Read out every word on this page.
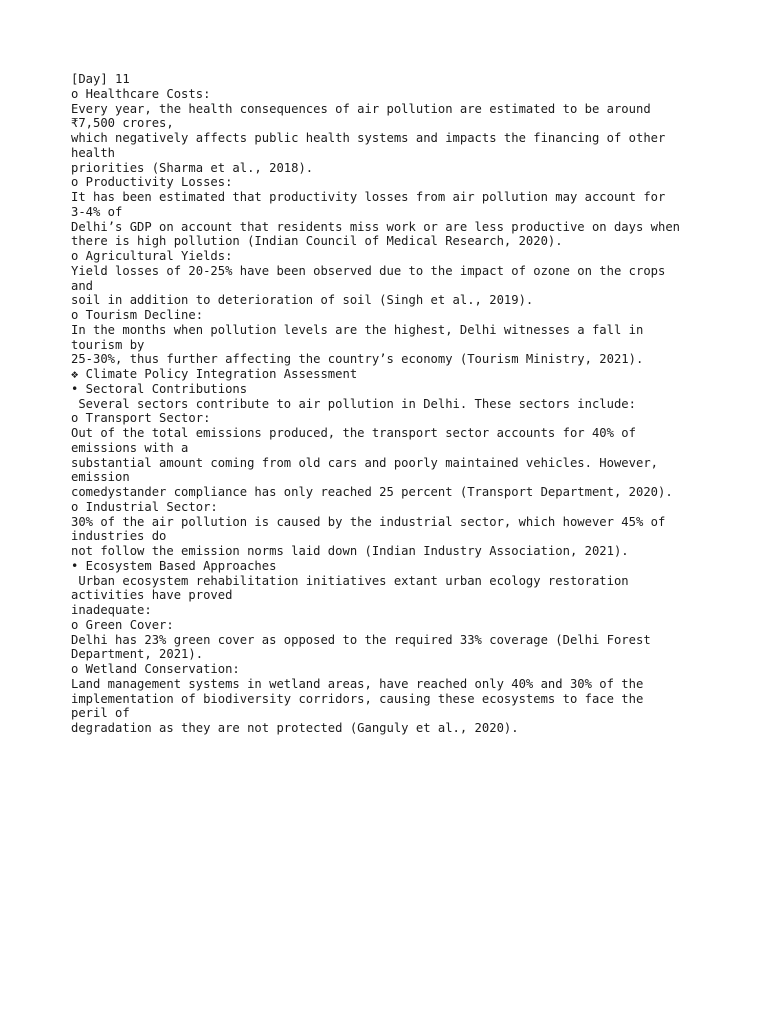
[Day] 11
o Healthcare Costs:
Every year, the health consequences of air pollution are estimated to be around
₹7,500 crores,
which negatively affects public health systems and impacts the financing of other
health
priorities (Sharma et al., 2018).
o Productivity Losses:
It has been estimated that productivity losses from air pollution may account for
3-4% of
Delhi’s GDP on account that residents miss work or are less productive on days when
there is high pollution (Indian Council of Medical Research, 2020).
o Agricultural Yields:
Yield losses of 20-25% have been observed due to the impact of ozone on the crops
and
soil in addition to deterioration of soil (Singh et al., 2019).
o Tourism Decline:
In the months when pollution levels are the highest, Delhi witnesses a fall in
tourism by
25-30%, thus further affecting the country’s economy (Tourism Ministry, 2021).
❖ Climate Policy Integration Assessment
• Sectoral Contributions
Several sectors contribute to air pollution in Delhi. These sectors include:
o Transport Sector:
Out of the total emissions produced, the transport sector accounts for 40% of
emissions with a
substantial amount coming from old cars and poorly maintained vehicles. However,
emission
comedystander compliance has only reached 25 percent (Transport Department, 2020).
o Industrial Sector:
30% of the air pollution is caused by the industrial sector, which however 45% of
industries do
not follow the emission norms laid down (Indian Industry Association, 2021).
• Ecosystem Based Approaches
Urban ecosystem rehabilitation initiatives extant urban ecology restoration
activities have proved
inadequate:
o Green Cover:
Delhi has 23% green cover as opposed to the required 33% coverage (Delhi Forest
Department, 2021).
o Wetland Conservation:
Land management systems in wetland areas, have reached only 40% and 30% of the
implementation of biodiversity corridors, causing these ecosystems to face the
peril of
degradation as they are not protected (Ganguly et al., 2020).
